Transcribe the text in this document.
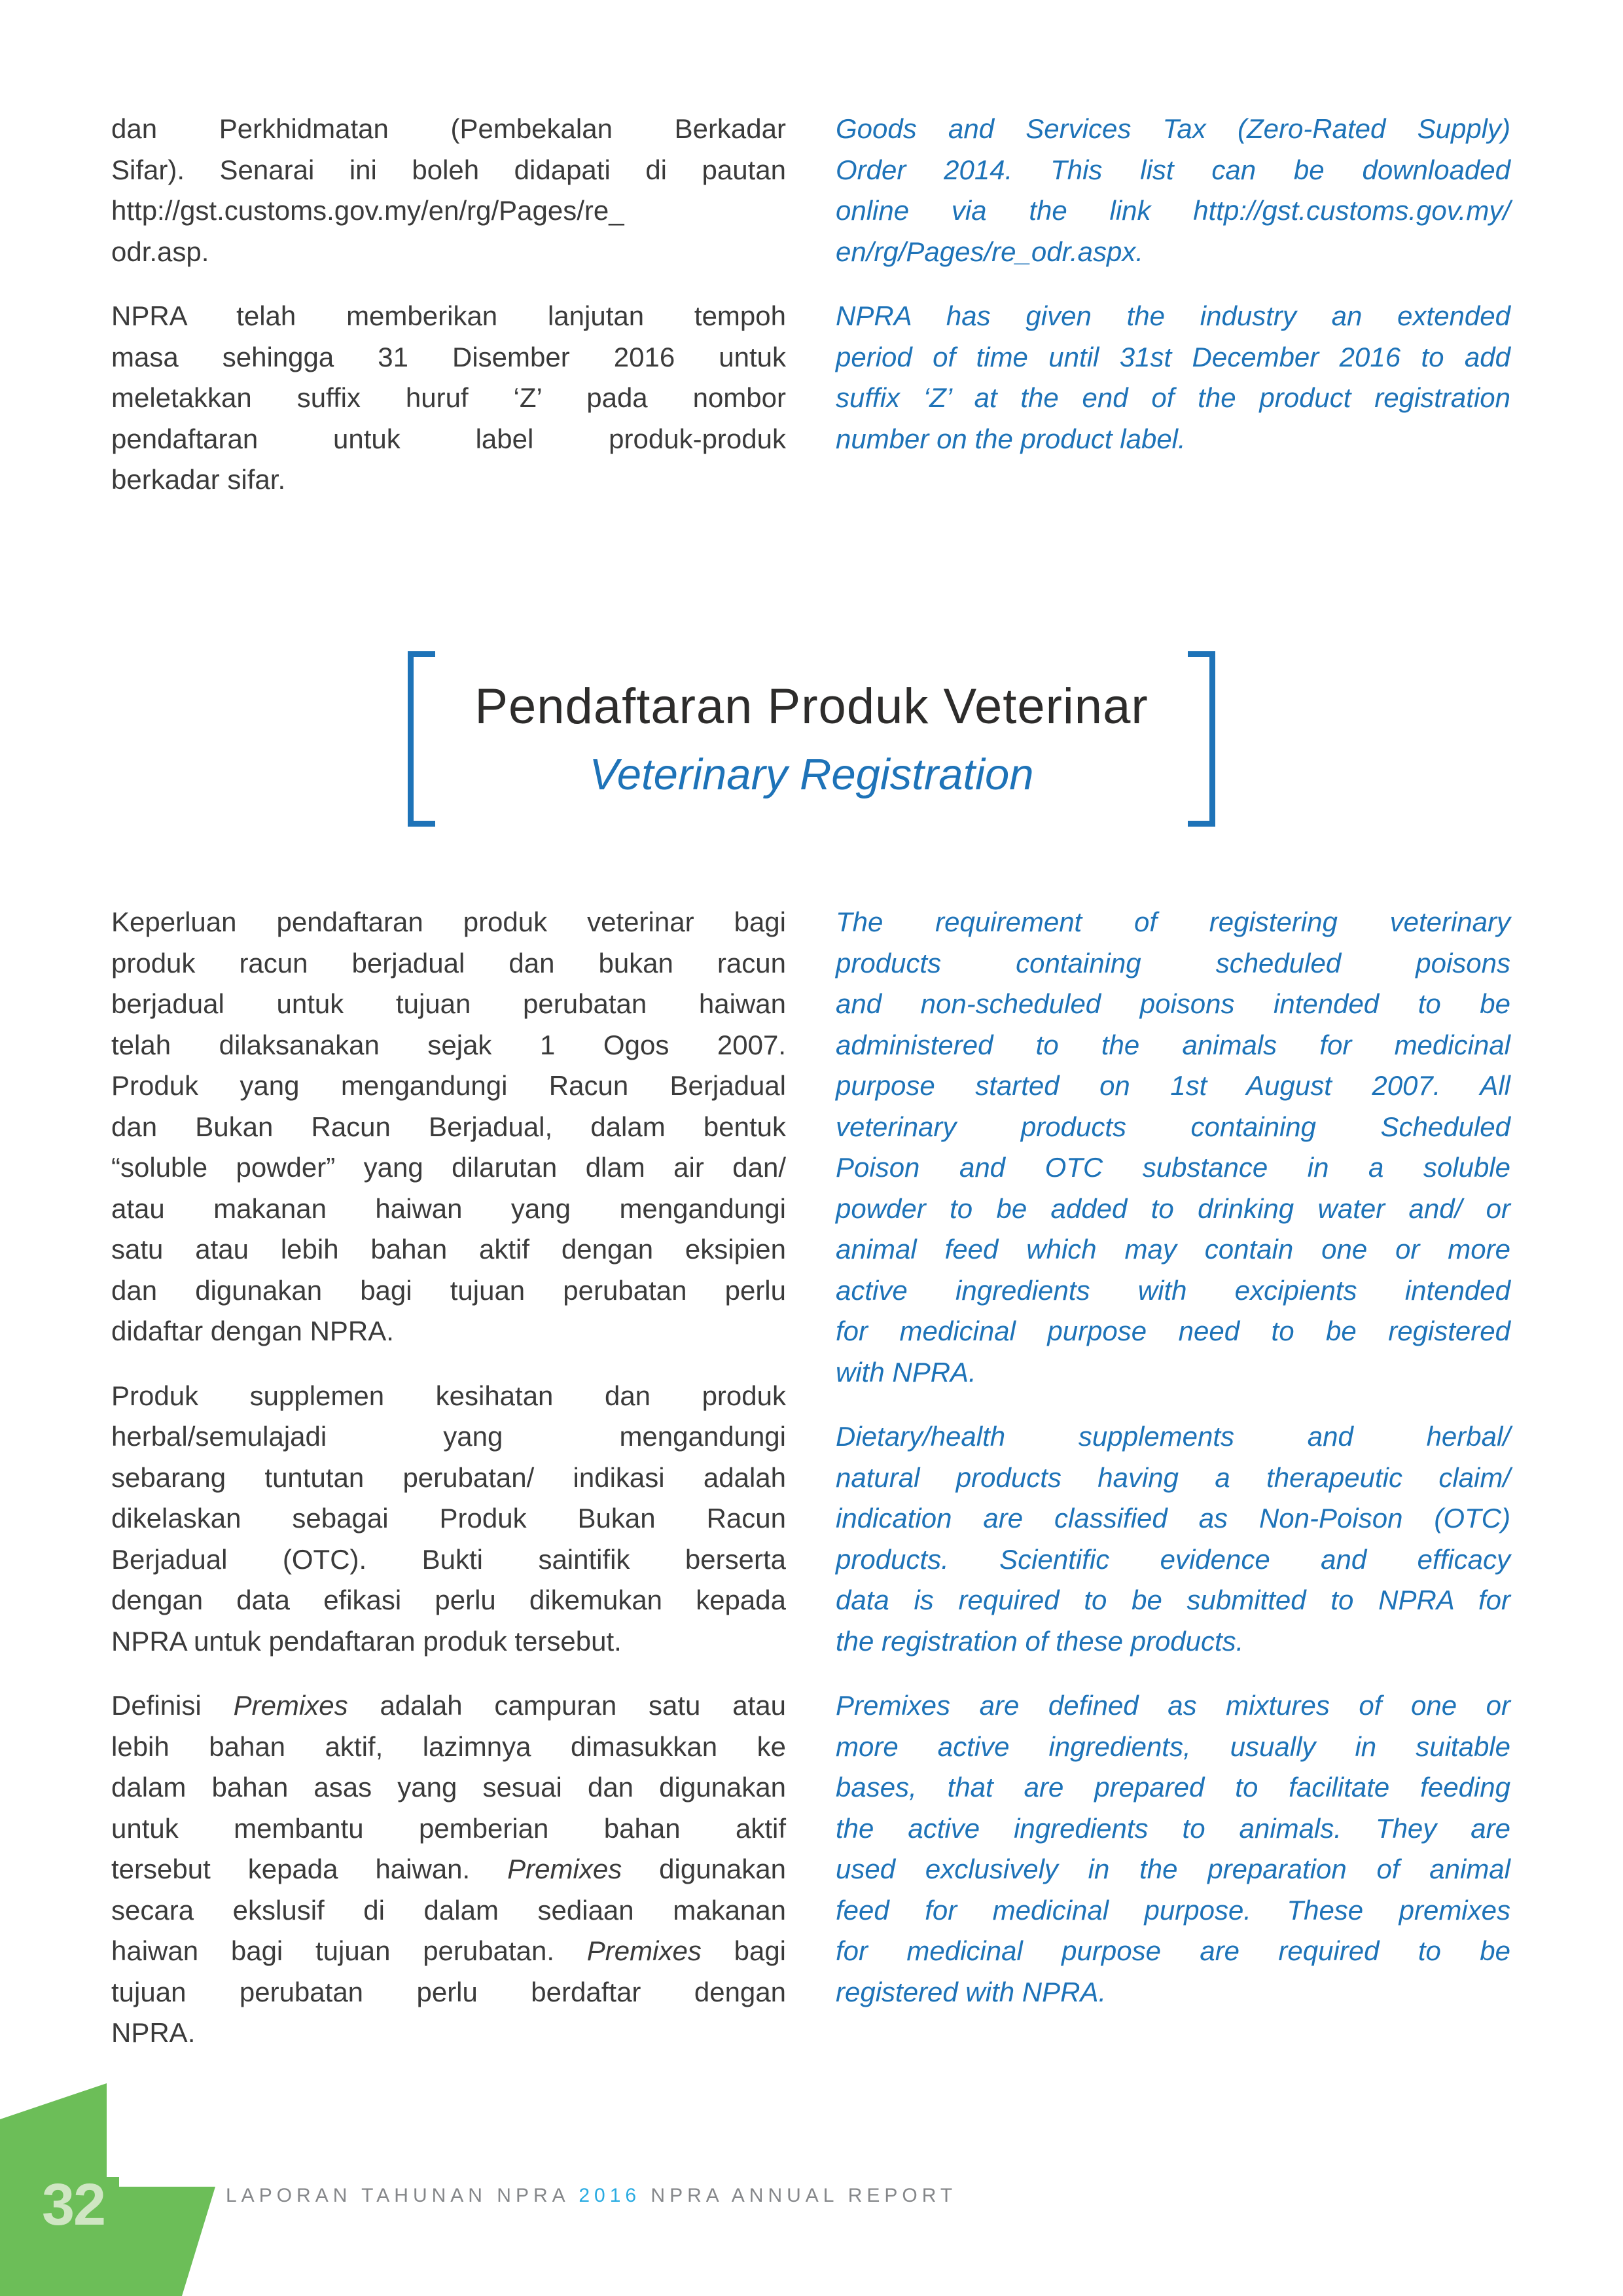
dan Perkhidmatan (Pembekalan Berkadar
Sifar). Senarai ini boleh didapati di pautan
http://gst.customs.gov.my/en/rg/Pages/re_
odr.asp.
NPRA telah memberikan lanjutan tempoh
masa sehingga 31 Disember 2016 untuk
meletakkan suffix huruf ‘Z’ pada nombor
pendaftaran untuk label produk-produk
berkadar sifar.
Goods and Services Tax (Zero-Rated Supply)
Order 2014. This list can be downloaded
online via the link http://gst.customs.gov.my/
en/rg/Pages/re_odr.aspx.
NPRA has given the industry an extended
period of time until 31st December 2016 to add
suffix ‘Z’ at the end of the product registration
number on the product label.
Pendaftaran Produk Veterinar
Veterinary Registration
Keperluan pendaftaran produk veterinar bagi
produk racun berjadual dan bukan racun
berjadual untuk tujuan perubatan haiwan
telah dilaksanakan sejak 1 Ogos 2007.
Produk yang mengandungi Racun Berjadual
dan Bukan Racun Berjadual, dalam bentuk
“soluble powder” yang dilarutan dlam air dan/
atau makanan haiwan yang mengandungi
satu atau lebih bahan aktif dengan eksipien
dan digunakan bagi tujuan perubatan perlu
didaftar dengan NPRA.
Produk supplemen kesihatan dan produk
herbal/semulajadi yang mengandungi
sebarang tuntutan perubatan/ indikasi adalah
dikelaskan sebagai Produk Bukan Racun
Berjadual (OTC). Bukti saintifik berserta
dengan data efikasi perlu dikemukan kepada
NPRA untuk pendaftaran produk tersebut.
Definisi Premixes adalah campuran satu atau
lebih bahan aktif, lazimnya dimasukkan ke
dalam bahan asas yang sesuai dan digunakan
untuk membantu pemberian bahan aktif
tersebut kepada haiwan. Premixes digunakan
secara ekslusif di dalam sediaan makanan
haiwan bagi tujuan perubatan. Premixes bagi
tujuan perubatan perlu berdaftar dengan
NPRA.
The requirement of registering veterinary
products containing scheduled poisons
and non-scheduled poisons intended to be
administered to the animals for medicinal
purpose started on 1st August 2007. All
veterinary products containing Scheduled
Poison and OTC substance in a soluble
powder to be added to drinking water and/ or
animal feed which may contain one or more
active ingredients with excipients intended
for medicinal purpose need to be registered
with NPRA.
Dietary/health supplements and herbal/
natural products having a therapeutic claim/
indication are classified as Non-Poison (OTC)
products. Scientific evidence and efficacy
data is required to be submitted to NPRA for
the registration of these products.
Premixes are defined as mixtures of one or
more active ingredients, usually in suitable
bases, that are prepared to facilitate feeding
the active ingredients to animals. They are
used exclusively in the preparation of animal
feed for medicinal purpose. These premixes
for medicinal purpose are required to be
registered with NPRA.
32	LAPORAN TAHUNAN NPRA 2016 NPRA ANNUAL REPORT
